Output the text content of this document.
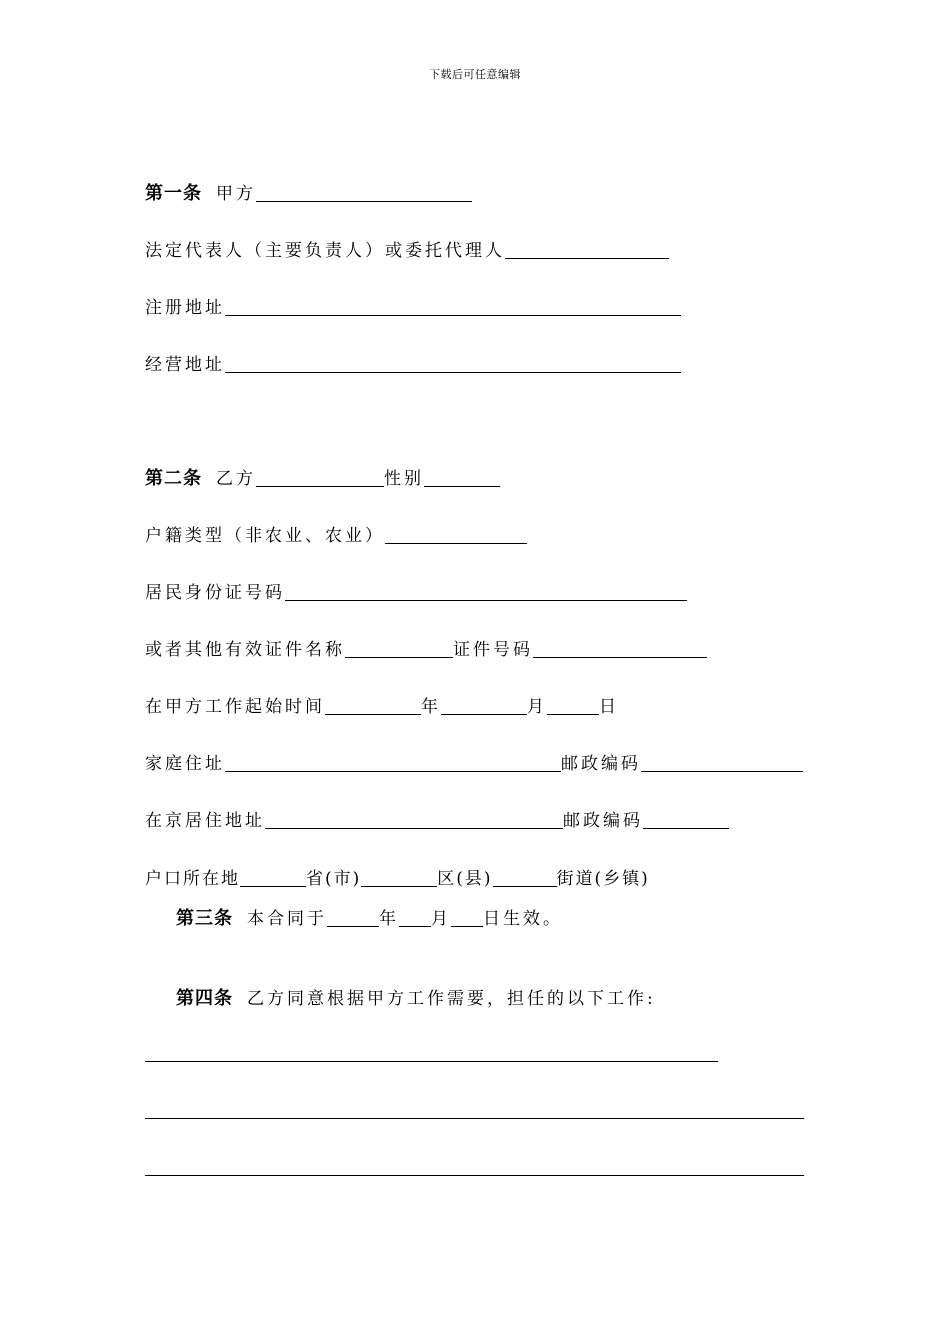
下载后可任意编辑
第一条 甲方
法定代表人（主要负责人）或委托代理人
注册地址
经营地址
第二条 乙方	性别
户籍类型（非农业、农业）
居民身份证号码
或者其他有效证件名称	证件号码
在甲方工作起始时间	年	月	日
家庭住址	邮政编码
在京居住地址	邮政编码
户口所在地	省(市)	区(县)	街道(乡镇)
第三条 本合同于	年 月 日生效。
第四条 乙方同意根据甲方工作需要，担任的以下工作:
